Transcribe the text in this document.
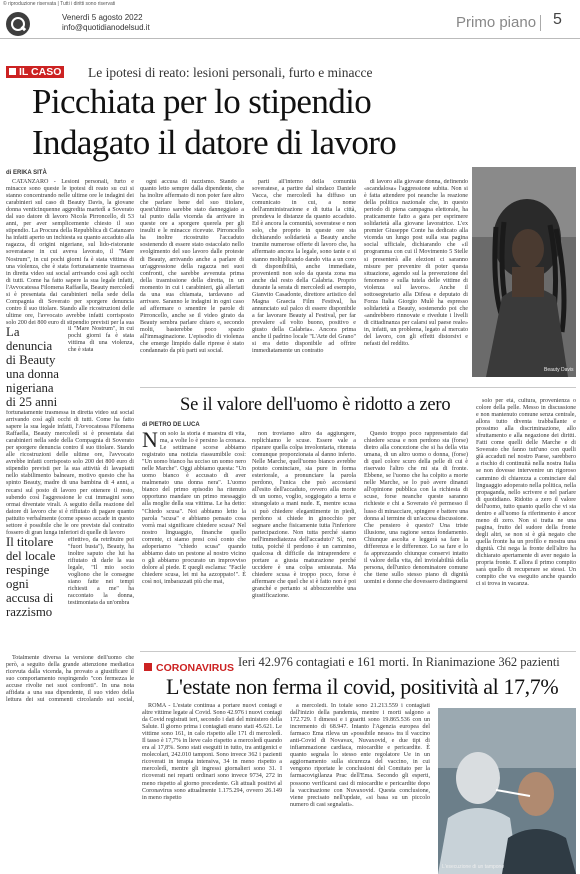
© riproduzione riservata | Tutti i diritti sono riservati
Venerdì 5 agosto 2022
info@quotidianodelsud.it	Primo piano 5
IL CASO Le ipotesi di reato: lesioni personali, furto e minacce
Picchiata per lo stipendio
Indagato il datore di lavoro
di ERIKA SITÀ

CATANZARO - Lesioni personali, furto e minacce sono queste le ipotesi di reato su cui si stanno concentrando nelle ultime ore le indagini dei carabinieri sul caso di Beauty Davis, la giovane donna venticinquenne aggredita martedì a Soverato dal suo datore di lavoro Nicola Pirroncello, di 53 anni, per aver semplicemente chiesto il suo stipendio. La Procura della Repubblica di Catanzaro ha infatti aperto un inchiesta su quanto accaduto alla ragazza, di origini nigeriane, sul lido-ristorante soverataese in cui aveva lavorato, il "Mare Nostrum", in cui pochi giorni fa è stata vittima di una violenza, che è stata fortunatamente trasmessa in diretta video sui social arrivando così agli occhi di tutti. Come ha fatto sapere la sua legale infatti, l'Avvocatessa Filomena Raffaella, Beauty mercoledì si è presentata dai carabinieri nella sede della Compagnia di Soverato per sporgere denuncia contro il suo titolare. Stando alle ricostruzioni delle ultime ore, l'avvocato avrebbe infatti corrisposto solo 200 dei 800 euro di stipendio previsti per la sua

La denuncia di Beauty una donna nigeriana di 25 anni

il "Mare Nostrum", in cui pochi giorni fa è stata vittima di una violenza, che è stata

fortunatamente trasmessa in diretta video sui social arrivando così agli occhi di tutti. Come ha fatto sapere la sua legale infatti, l'Avvocatessa Filomena Raffaella, Beauty mercoledì si è presentata dai carabinieri nella sede della Compagnia di Soverato per sporgere denuncia contro il suo titolare. Stando alle ricostruzioni delle ultime ore, l'avvocato avrebbe infatti corrisposto solo 200 dei 800 euro di stipendio previsti per la sua attività di lavapiatti nello stabilimento balneare, motivo questo che ha spinto Beauty, madre di una bambina di 4 anni, a recarsi sul posto di lavoro per ottenere il resto, subendo così l'aggressione le cui immagini sono ormai diventate virali. A seguito della reazione del datore di lavoro che si è rifiutato di pagare quanto pattuito verbalmente (come spesso accade in questo settore è possibile che le ore previste dal contratto fossero di gran lunga inferiori di quelle di lavoro

Il titolare del locale respinge ogni accusa di razzismo

effettivo, da retribuire poi "fuori busta"), Beauty, ha inoltre saputo che lui ha rifiutato di darle la sua legale, "Il mio socio vogliono che le consegne siano fatte nei tempi richiesti a me" ha raccontato la donna, testimoniata da un'ombra

Totalmente diversa la versione dell'uomo che però, a seguito della grande attenzione mediatica ricevuta dalla vicenda, ha provato a giustificare il suo comportamento respingendo "con fermezza le accuse rivolte nei suoi confronti". In una nota affidata a una sua dipendente, il suo video della lettura dei sui commenti circolando sui social,

ogni accusa di razzismo. Stando a quanto letto sempre dalla dipendente, che ha inoltre affermato di non poter fare altro che parlare bene del suo titolare, quest'ultimo sarebbe stato danneggiato a tal punto dalla vicenda da arrivare in queste ore a sporgere querela per gli insulti e le minacce ricevute. Pirroncello ha inoltre ricostruito l'accaduto sostenendo di essere stato ostacolato nello svolgimento del suo lavoro dalle proteste di Beauty, arrivando anche a parlare di un'aggressione della ragazza nei suoi confronti, che sarebbe avvenuta prima della trasmissione della diretta, in un momento in cui i carabinieri, già allertati da una sua chiamata, tardavano ad arrivare. Saranno le indagini in ogni caso ad affermare o smentire le parole di Pirroncello, anche se il video girato da Beauty sembra parlare chiaro e, secondo molti, basterebbe poco spazio all'immaginazione. L'episodio di violenza che emerge limpido dalle riprese è stato condannato da più parti sui social.

parti all'interno della comunità soveratese, a partire dal sindaco Daniele Vacca, che mercoledì ha diffuso un comunicato in cui, a nome dell'amministrazione e di tutta la città, prendeva le distanze da quanto accaduto. Ed è ancora la comunità, soveratese e non solo, che proprio in queste ore sta dichiarando solidarietà a Beauty anche tramite numerose offerte di lavoro che, ha affermato ancora la legale, sono tante e si stanno moltiplicando dando vita a un coro di disponibilità, anche immediate, provenienti non solo da questa zona ma anche dal resto della Calabria. Proprio durante la serata di mercoledì ad esempio, Gianvito Casadonte, direttore artistico del Magna Graecia Film Festival, ha annunciato sul palco di essere disponibile a far lavorare Beauty al Festival, per far prevalere «il volto buono, positivo e giusto della Calabria». Ancora prima anche il padrino locale "L'Arte del Grano" si era detto disponibile ad offrire immediatamente un contratto

di lavoro alla giovane donna, definendo «scandalosa» l'aggressione subita. Non si è fatta attendere poi neanche la reazione della politica nazionale che, in questo periodo di piena campagna elettorale, ha praticamente fatto a gara per esprimere solidarietà alla giovane lavoratrice. L'ex premier Giuseppe Conte ha dedicato alla vicenda un lungo post sulla sua pagina social ufficiale, dichiarando che «il programma con cui il Movimento 5 Stelle si presenterà alle elezioni ci saranno misure per prevenire di poter questa situazione, agendo sul la prevenzione del fenomeno e sulla tutela delle vittime di violenza sul lavoro». Anche il sottosegretario alla Difesa e deputato di Forza Italia Giorgio Mulè ha espresso solidarietà a Beauty, sostenendo poi che «andrebbero rinnovate e rivedute i livelli di cittadinanza per calarsi sul paese reale» in, infatti, un problema, legato al mercato del lavoro, con gli effetti distorsivi e nefasti del reddito.

Beauty Davis
Se il valore dell'uomo è ridotto a zero
di PIETRO DE LUCA
Non solo la storia è maestra di vita, ma, a volte lo è persino la cronaca. Le settimane scorse abbiamo registrato una notizia riassumibile così: "Un uomo bianco ha ucciso un uomo nero nelle Marche". Oggi abbiamo questa: "Un uomo bianco è accusato di aver malmenato una donna nera". L'uomo bianco del primo episodio ha ritenuto opportuno mandare un primo messaggio alla moglie della sua vittima. Le ha detto: "Chiedo scusa". Noi abbiamo letto la parola "scusa" e abbiamo pensato cosa vorrà mai significare chiedere scusa? Nel nostro linguaggio, finanche quello corrente, ci siamo presi così conto che adoperiamo "chiedo scusa" quando abbiamo dato un pestone al nostro vicino o gli abbiamo procurato un improvviso dolore al piede. E quegli esclama: "Facile chiedere scusa, lei mi ha azzoppato!". È così noi, imbarazzati più che mai,

non troviamo altro da aggiungere, replichiamo le scuse. Essere vale a riparare quella colpa involontaria, ritenuta comunque proporzionata al danno inferto. Nelle Marche, quell'uomo bianco avrebbe potuto cominciare, sia pure in forma esteriorale, a pronunciare la parola perdono, l'unica che può accostarsi all'esito dell'accaduto, ovvero alla morte di un uomo, voglio, soggiogato a terra e strangolato a mani nude. E, mentre scusa si può chiedere elegantimente in piedi, perdono si chiede in ginocchio per segnare anche fisicamente tutta l'inferiore partecipazione. Non tutta perché siamo nell'immediatezza dell'accaduto? Sì, non tutta, poiché il perdono è un cammino, qualcosa di difficile da intraprendere e portare a giusta maturazione perché uccidere è una colpa smisurata. Ma chiedere scusa è troppo poco, forse è affermare che quel che si è fatto non è poi granché e pertanto si abbozzerebbe una giustificazione.

Questo troppo poco rappresentato dal chiedere scusa e non perdono sta (forse) dietro alla concezione che si ha della vita umana, di un altro uomo o donna, (forse) di quel colore scuro della pelle di cui è riservato l'altro che mi sta di fronte. Ebbene, se l'uomo che ha colpito a morte nelle Marche, se lo può avere dinanzi all'opinione pubblica con la richiesta di scuse, forse neanche queste saranno richieste e chi a Soverato s'è permesso il lusso di minacciare, spingere e battere una donna al termine di un'accesa discussione. Che pensiero è questo? Una triste illusione, una ragione senza fondamento. Chiunque ascolta e leggerà sa fare la differenza e le differenze. Lo sa fare e lo fa apprezzando chiunque conservi intatto il valore della vita, del inviolabilità della persona, dell'unico denominatore comune che tiene sullo stesso piano di dignità uomini e donne che dovessero distinguersi

solo per età, cultura, provenienza o colore della pelle. Messo in discussione e non mantenuto comune senza centrale, allora tutto diventa trabballante e prossimo alla discriminazione, allo sfruttamento e alla negazione dei diritti. Fatti come quelli delle Marche e di Soverato che fanno tutt'uno con quelli già accaduti nel nostro Paese, sarebbero a rischio di continuità nella nostra Italia se non dovesse intervenire un rigoroso cammino di chiarezza a cominciare dal linguaggio adoperato nella politica, nella propaganda, nello scrivere e nel parlare di quotidiano. Ridotto a zero il valore dell'uomo, tutto quanto quello che vi sta dentro e all'uomo fa riferimento è ancor meno di zero. Non si tratta ne una pagina, frutto del sudore della fronte degli altri, se non si è già negato che quella fronte ha un profilo e mostra una dignità. Chi nega la fronte dell'altro ha dichiarato apertamente di aver negato la propria fronte. E allora il primo compito sarà quello di recuperare se stessi. Un compito che va eseguito anche quando ci si trova in vacanza.

CORONAVIRUS Ieri 42.976 contagiati e 161 morti. In Rianimazione 362 pazienti
L'estate non ferma il covid, positività al 17,7%

ROMA - L'estate continua a portare nuovi contagi e altre vittime legate al Covid. Sono 42.976 i nuovi contagi da Covid registrati ieri, secondo i dati del ministero della Salute. Il giorno prima i contagiati erano stati 45.621. Le vittime sono 161, in calo rispetto alle 171 di mercoledì. Il tasso è 17,7% in lieve calo rispetto a mercoledì quando era al 17,8%. Sono stati eseguiti in tutto, tra antigenici e molecolari, 242.010 tamponi. Sono invece 362 i pazienti ricoverati in terapia intensiva, 34 in meno rispetto a mercoledì, mentre gli ingressi giornalieri sono 31. I ricoverati nei reparti ordinari sono invece 9734, 272 in meno rispetto al giorno precedente. Gli attuali positivi al Coronavirus sono attualmente 1.175.294, ovvero 26.149 in meno rispetto

a mercoledì. In totale sono 21.213.559 i contagiati dall'inizio della pandemia, mentre i morti salgono a 172.729. I dimessi e i guariti sono 19.865.536 con un incremento di 68.947. Intanto l'Agenzia europea del farmaco Ema rileva un «possibile nesso» tra il vaccino anti-Covid di Novavax, Nuvaxovid, e due tipi di infiammazione cardiaca, miocardite e pericardite. È quanto segnala lo stesso ente regolatore Ue in un aggiornamento sulla sicurezza del vaccino, in cui vengono riportate le conclusioni del Comitato per la farmacovigilanza Prac dell'Ema. Secondo gli esperti, possono verificarsi casi di miocardite e pericardite dopo la vaccinazione con Nuvaxovid. Questa conclusione, viene precisato nell'update, «si basa su un piccolo numero di casi segnalati».

L'esecuzione di un tampone
